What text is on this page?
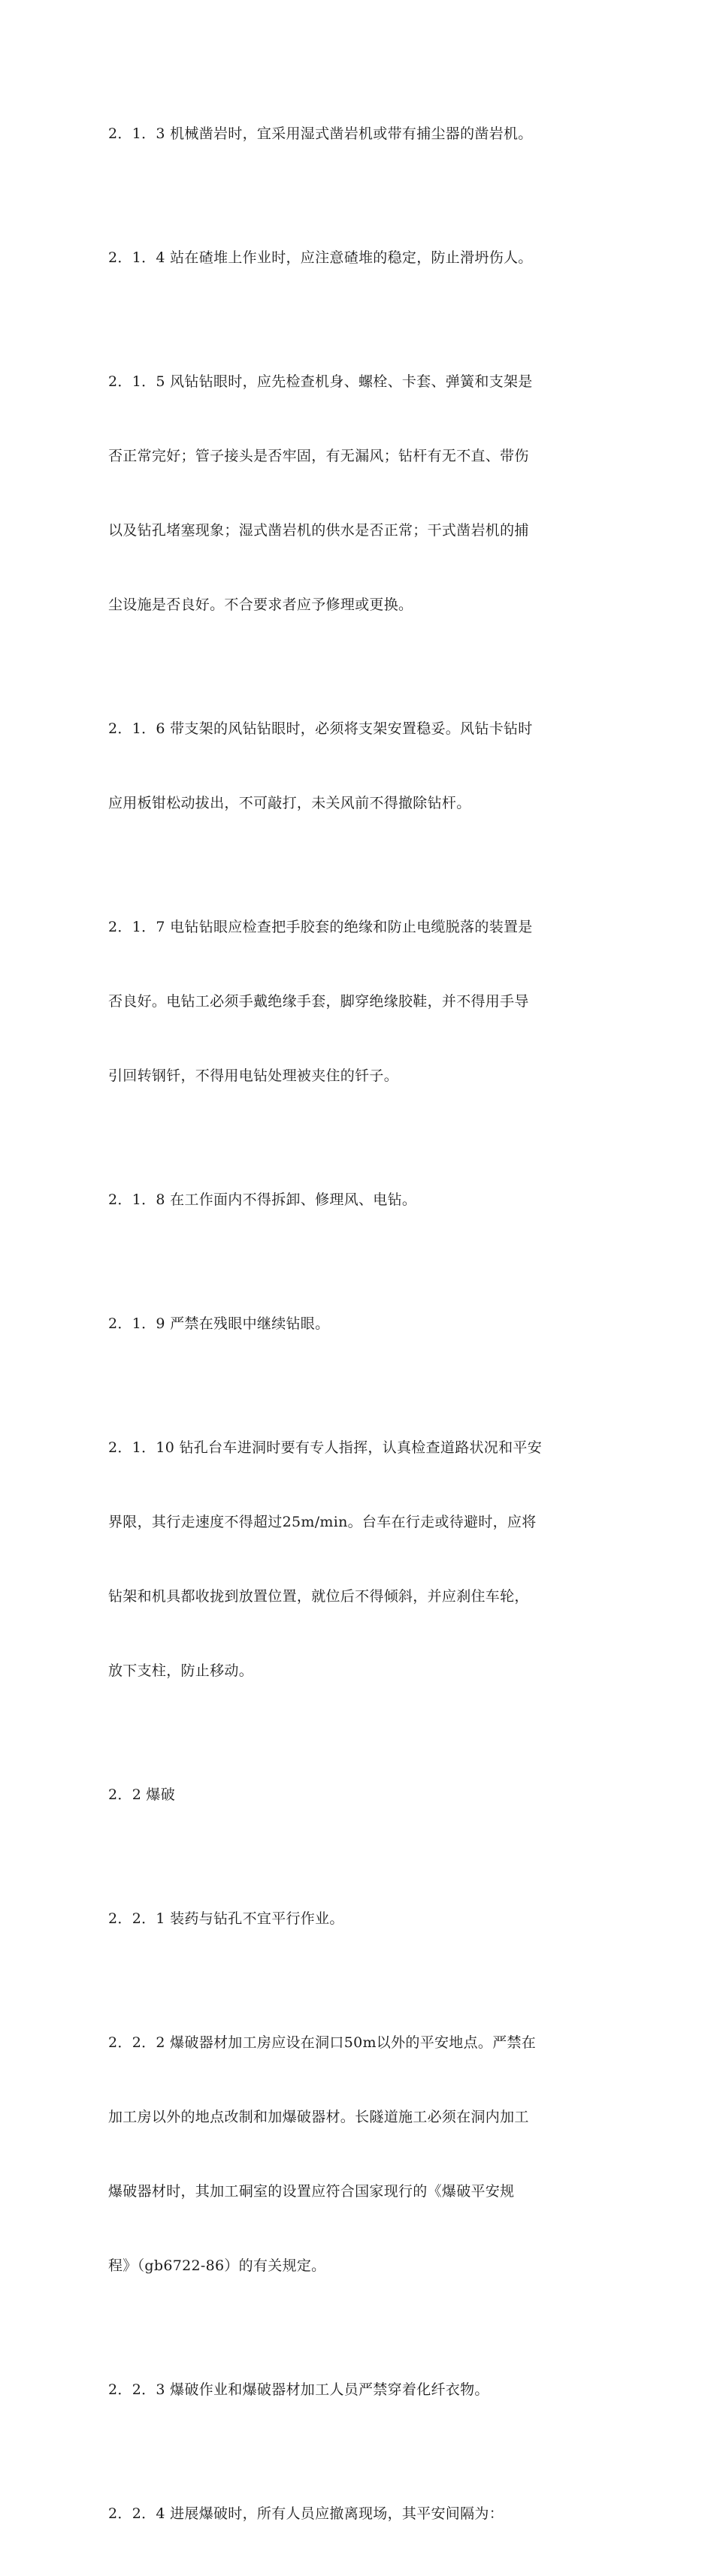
2．1．3 机械凿岩时，宜采用湿式凿岩机或带有捕尘器的凿岩机。

2．1．4 站在碴堆上作业时，应注意碴堆的稳定，防止滑坍伤人。

2．1．5 风钻钻眼时，应先检查机身、螺栓、卡套、弹簧和支架是

否正常完好；管子接头是否牢固，有无漏风；钻杆有无不直、带伤

以及钻孔堵塞现象；湿式凿岩机的供水是否正常；干式凿岩机的捕

尘设施是否良好。不合要求者应予修理或更换。

2．1．6 带支架的风钻钻眼时，必须将支架安置稳妥。风钻卡钻时

应用板钳松动拔出，不可敲打，未关风前不得撤除钻杆。

2．1．7 电钻钻眼应检查把手胶套的绝缘和防止电缆脱落的装置是

否良好。电钻工必须手戴绝缘手套，脚穿绝缘胶鞋，并不得用手导

引回转钢钎，不得用电钻处理被夹住的钎子。

2．1．8 在工作面内不得拆卸、修理风、电钻。

2．1．9 严禁在残眼中继续钻眼。

2．1．10 钻孔台车进洞时要有专人指挥，认真检查道路状况和平安

界限，其行走速度不得超过25m/min。台车在行走或待避时，应将

钻架和机具都收拢到放置位置，就位后不得倾斜，并应刹住车轮，

放下支柱，防止移动。

2．2 爆破

2．2．1 装药与钻孔不宜平行作业。

2．2．2 爆破器材加工房应设在洞口50m以外的平安地点。严禁在

加工房以外的地点改制和加爆破器材。长隧道施工必须在洞内加工

爆破器材时，其加工硐室的设置应符合国家现行的《爆破平安规

程》（gb6722-86）的有关规定。

2．2．3 爆破作业和爆破器材加工人员严禁穿着化纤衣物。

2．2．4 进展爆破时，所有人员应撤离现场，其平安间隔为：
